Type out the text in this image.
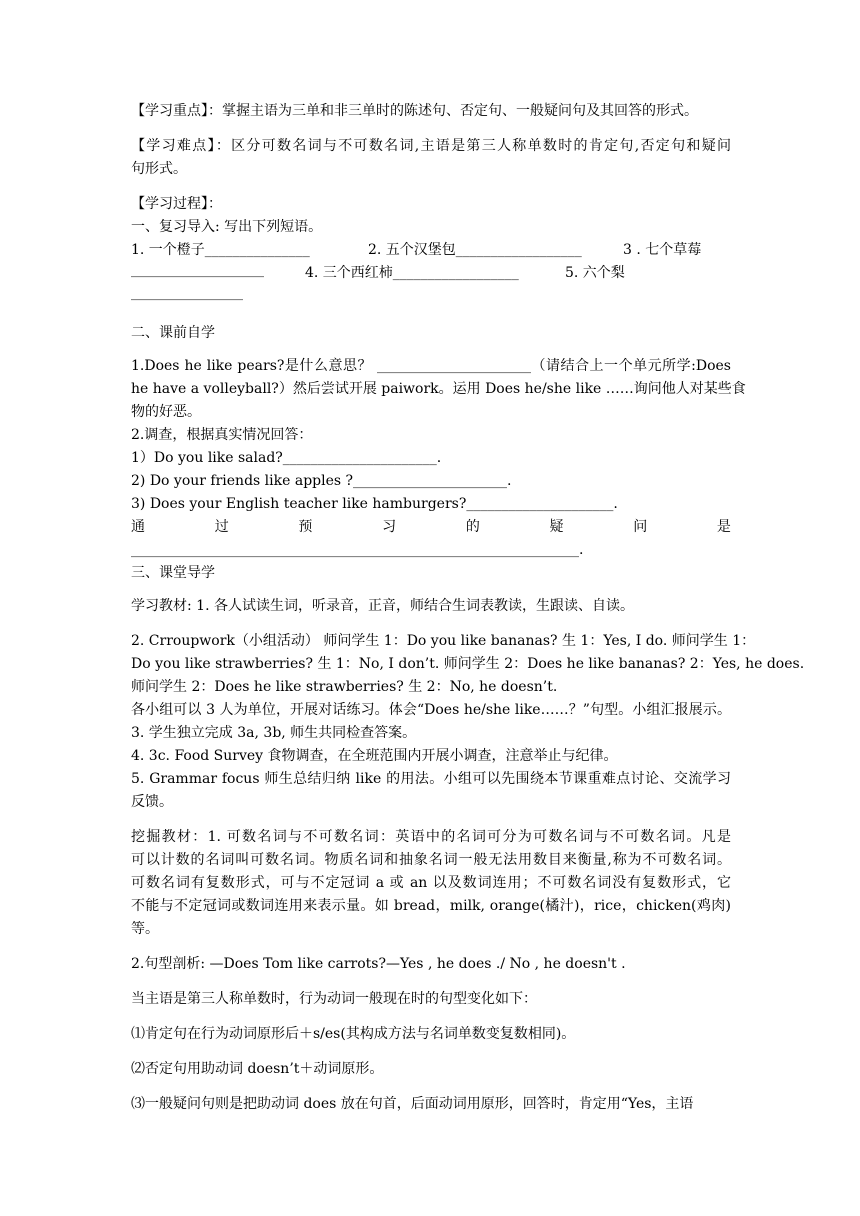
【学习重点】：掌握主语为三单和非三单时的陈述句、否定句、一般疑问句及其回答的形式。

【学习难点】：区分可数名词与不可数名词,主语是第三人称单数时的肯定句,否定句和疑问

句形式。

【学习过程】：

一、复习导入: 写出下列短语。

1. 一个橙子_______________	2. 五个汉堡包__________________	3 . 七个草莓
___________________	4. 三个西红柿__________________	5. 六个梨
________________

二、课前自学

1.Does he like pears?是什么意思？ ______________________（请结合上一个单元所学:Does

he have a volleyball?）然后尝试开展 paiwork。运用 Does he/she like ……询问他人对某些食

物的好恶。

2.调查，根据真实情况回答：

1）Do you like salad?______________________.

2) Do your friends like apples ?______________________.

3) Does your English teacher like hamburgers?_____________________.

通	过	预	习	的	疑	问	是

________________________________________________________________.

三、课堂导学

学习教材: 1. 各人试读生词，听录音，正音，师结合生词表教读，生跟读、自读。

2. Crroupwork（小组活动） 师问学生 1：Do you like bananas? 生 1：Yes, I do. 师问学生 1：

Do you like strawberries? 生 1：No, I don’t. 师问学生 2：Does he like bananas? 2：Yes, he does.

师问学生 2：Does he like strawberries? 生 2：No, he doesn’t.

各小组可以 3 人为单位，开展对话练习。体会“Does he/she like……？”句型。小组汇报展示。

3. 学生独立完成 3a, 3b, 师生共同检查答案。

4. 3c. Food Survey 食物调查，在全班范围内开展小调查，注意举止与纪律。

5. Grammar focus 师生总结归纳 like 的用法。小组可以先围绕本节课重难点讨论、交流学习

反馈。

挖掘教材：1. 可数名词与不可数名词：英语中的名词可分为可数名词与不可数名词。凡是

可以计数的名词叫可数名词。物质名词和抽象名词一般无法用数目来衡量,称为不可数名词。

可数名词有复数形式，可与不定冠词 a 或 an 以及数词连用；不可数名词没有复数形式，它

不能与不定冠词或数词连用来表示量。如 bread，milk, orange(橘汁)，rice，chicken(鸡肉)

等。

2.句型剖析: —Does Tom like carrots?—Yes , he does ./ No , he doesn't .

当主语是第三人称单数时，行为动词一般现在时的句型变化如下：

⑴肯定句在行为动词原形后＋s/es(其构成方法与名词单数变复数相同)。

⑵否定句用助动词 doesn’t＋动词原形。

⑶一般疑问句则是把助动词 does 放在句首，后面动词用原形，回答时，肯定用“Yes，主语
